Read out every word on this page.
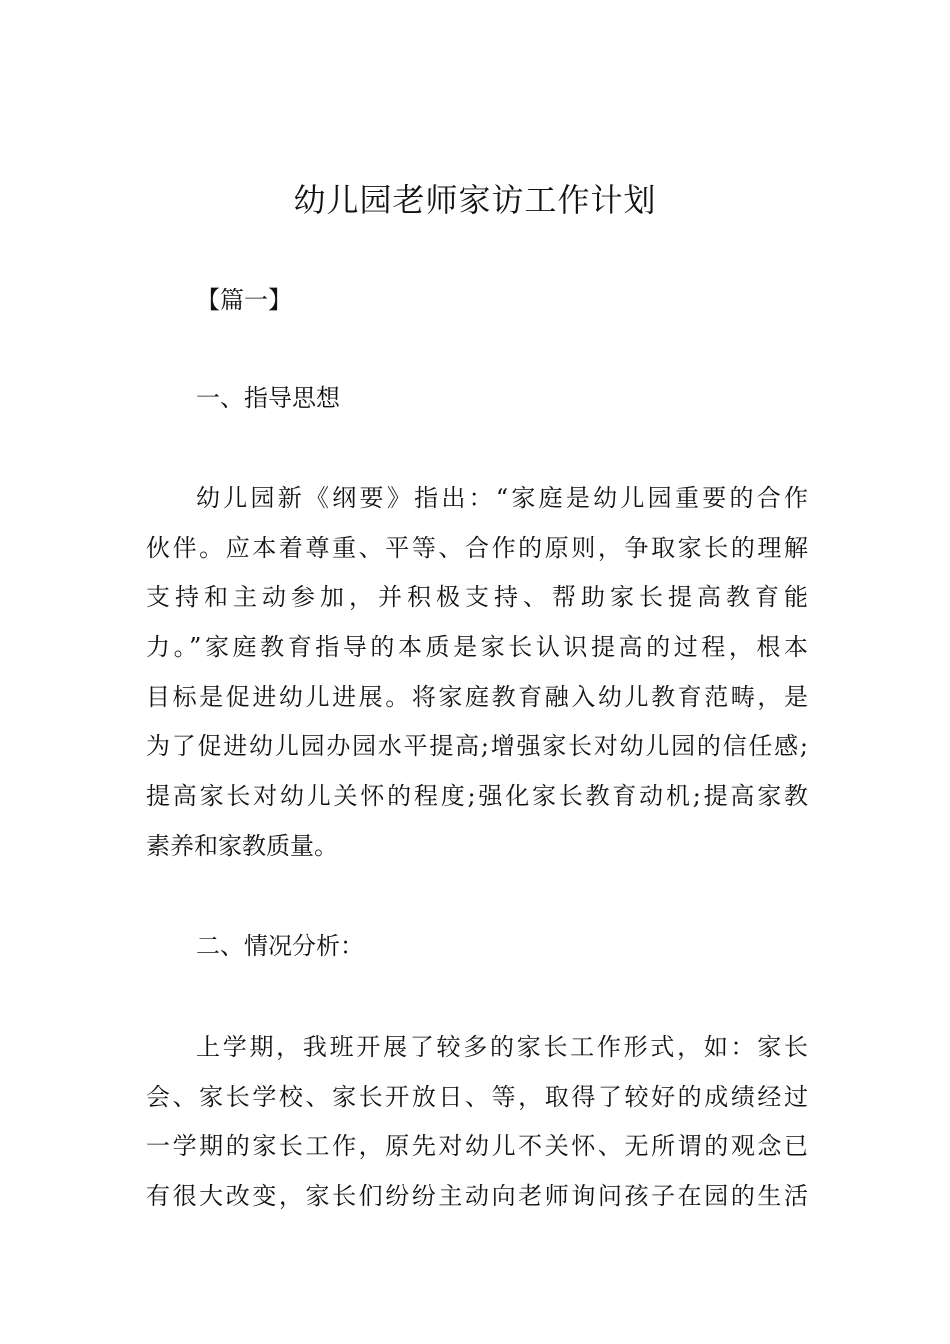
幼儿园老师家访工作计划
【篇一】
一、指导思想
幼儿园新《纲要》指出：“家庭是幼儿园重要的合作
伙伴。应本着尊重、平等、合作的原则，争取家长的理解
支持和主动参加，并积极支持、帮助家长提高教育能
力。”家庭教育指导的本质是家长认识提高的过程，根本
目标是促进幼儿进展。将家庭教育融入幼儿教育范畴，是
为了促进幼儿园办园水平提高;增强家长对幼儿园的信任感;
提高家长对幼儿关怀的程度;强化家长教育动机;提高家教
素养和家教质量。
二、情况分析：
上学期，我班开展了较多的家长工作形式，如：家长
会、家长学校、家长开放日、等，取得了较好的成绩经过
一学期的家长工作，原先对幼儿不关怀、无所谓的观念已
有很大改变，家长们纷纷主动向老师询问孩子在园的生活
